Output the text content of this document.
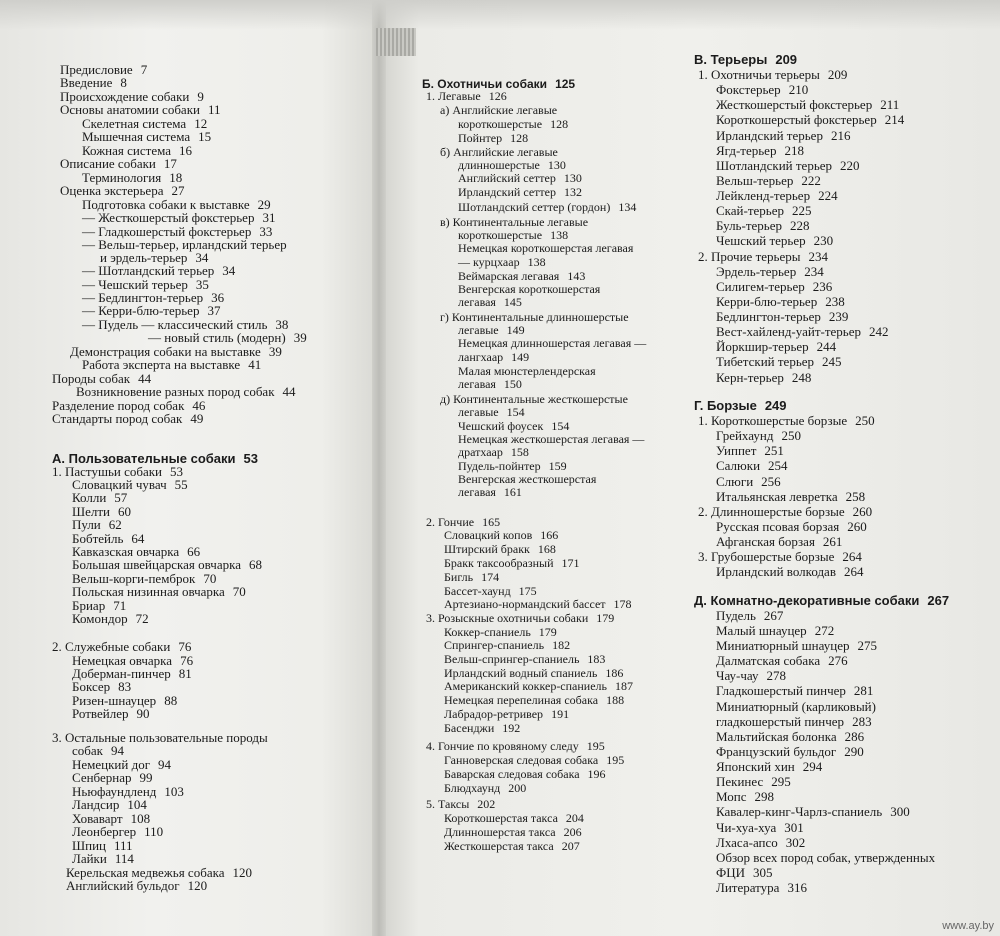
Предисловие 7
Введение 8
Происхождение собаки 9
Основы анатомии собаки 11
Скелетная система 12
Мышечная система 15
Кожная система 16
Описание собаки 17
Терминология 18
Оценка экстерьера 27
Подготовка собаки к выставке 29
— Жесткошерстый фокстерьер 31
— Гладкошерстый фокстерьер 33
— Вельш-терьер, ирландский терьер
и эрдель-терьер 34
— Шотландский терьер 34
— Чешский терьер 35
— Бедлингтон-терьер 36
— Керри-блю-терьер 37
— Пудель — классический стиль 38
— новый стиль (модерн) 39
Демонстрация собаки на выставке 39
Работа эксперта на выставке 41
Породы собак 44
Возникновение разных пород собак 44
Разделение пород собак 46
Стандарты пород собак 49
А. Пользовательные собаки 53
1. Пастушьи собаки 53
Словацкий чувач 55
Колли 57
Шелти 60
Пули 62
Бобтейль 64
Кавказская овчарка 66
Большая швейцарская овчарка 68
Вельш-корги-пемброк 70
Польская низинная овчарка 70
Бриар 71
Комондор 72
2. Служебные собаки 76
Немецкая овчарка 76
Доберман-пинчер 81
Боксер 83
Ризен-шнауцер 88
Ротвейлер 90
3. Остальные пользовательные породы
собак 94
Немецкий дог 94
Сенбернар 99
Ньюфаундленд 103
Ландсир 104
Ховаварт 108
Леонбергер 110
Шпиц 111
Лайки 114
Керельская медвежья собака 120
Английский бульдог 120
Б. Охотничьи собаки 125
1. Легавые 126
а) Английские легавые
короткошерстые 128
Пойнтер 128
б) Английские легавые
длинношерстые 130
Английский сеттер 130
Ирландский сеттер 132
Шотландский сеттер (гордон) 134
в) Континентальные легавые
короткошерстые 138
Немецкая короткошерстая легавая
— курцхаар 138
Веймарская легавая 143
Венгерская короткошерстая
легавая 145
г) Континентальные длинношерстые
легавые 149
Немецкая длинношерстая легавая —
лангхаар 149
Малая мюнстерлендерская
легавая 150
д) Континентальные жесткошерстые
легавые 154
Чешский фоусек 154
Немецкая жесткошерстая легавая —
дратхаар 158
Пудель-пойнтер 159
Венгерская жесткошерстая
легавая 161
2. Гончие 165
Словацкий копов 166
Штирский бракк 168
Бракк таксообразный 171
Бигль 174
Бассет-хаунд 175
Артезиано-нормандский бассет 178
3. Розыскные охотничьи собаки 179
Коккер-спаниель 179
Спрингер-спаниель 182
Вельш-спрингер-спаниель 183
Ирландский водный спаниель 186
Американский коккер-спаниель 187
Немецкая перепелиная собака 188
Лабрадор-ретривер 191
Басенджи 192
4. Гончие по кровяному следу 195
Ганноверская следовая собака 195
Баварская следовая собака 196
Блюдхаунд 200
5. Таксы 202
Короткошерстая такса 204
Длинношерстая такса 206
Жесткошерстая такса 207
В. Терьеры 209
1. Охотничьи терьеры 209
Фокстерьер 210
Жесткошерстый фокстерьер 211
Короткошерстый фокстерьер 214
Ирландский терьер 216
Ягд-терьер 218
Шотландский терьер 220
Вельш-терьер 222
Лейкленд-терьер 224
Скай-терьер 225
Буль-терьер 228
Чешский терьер 230
2. Прочие терьеры 234
Эрдель-терьер 234
Силигем-терьер 236
Керри-блю-терьер 238
Бедлингтон-терьер 239
Вест-хайленд-уайт-терьер 242
Йоркшир-терьер 244
Тибетский терьер 245
Керн-терьер 248
Г. Борзые 249
1. Короткошерстые борзые 250
Грейхаунд 250
Уиппет 251
Салюки 254
Слюги 256
Итальянская левретка 258
2. Длинношерстые борзые 260
Русская псовая борзая 260
Афганская борзая 261
3. Грубошерстые борзые 264
Ирландский волкодав 264
Д. Комнатно-декоративные собаки 267
Пудель 267
Малый шнауцер 272
Миниатюрный шнауцер 275
Далматская собака 276
Чау-чау 278
Гладкошерстый пинчер 281
Миниатюрный (карликовый)
гладкошерстый пинчер 283
Мальтийская болонка 286
Французский бульдог 290
Японский хин 294
Пекинес 295
Мопс 298
Кавалер-кинг-Чарлз-спаниель 300
Чи-хуа-хуа 301
Лхаса-апсо 302
Обзор всех пород собак, утвержденных
ФЦИ 305
Литература 316
www.ay.by
